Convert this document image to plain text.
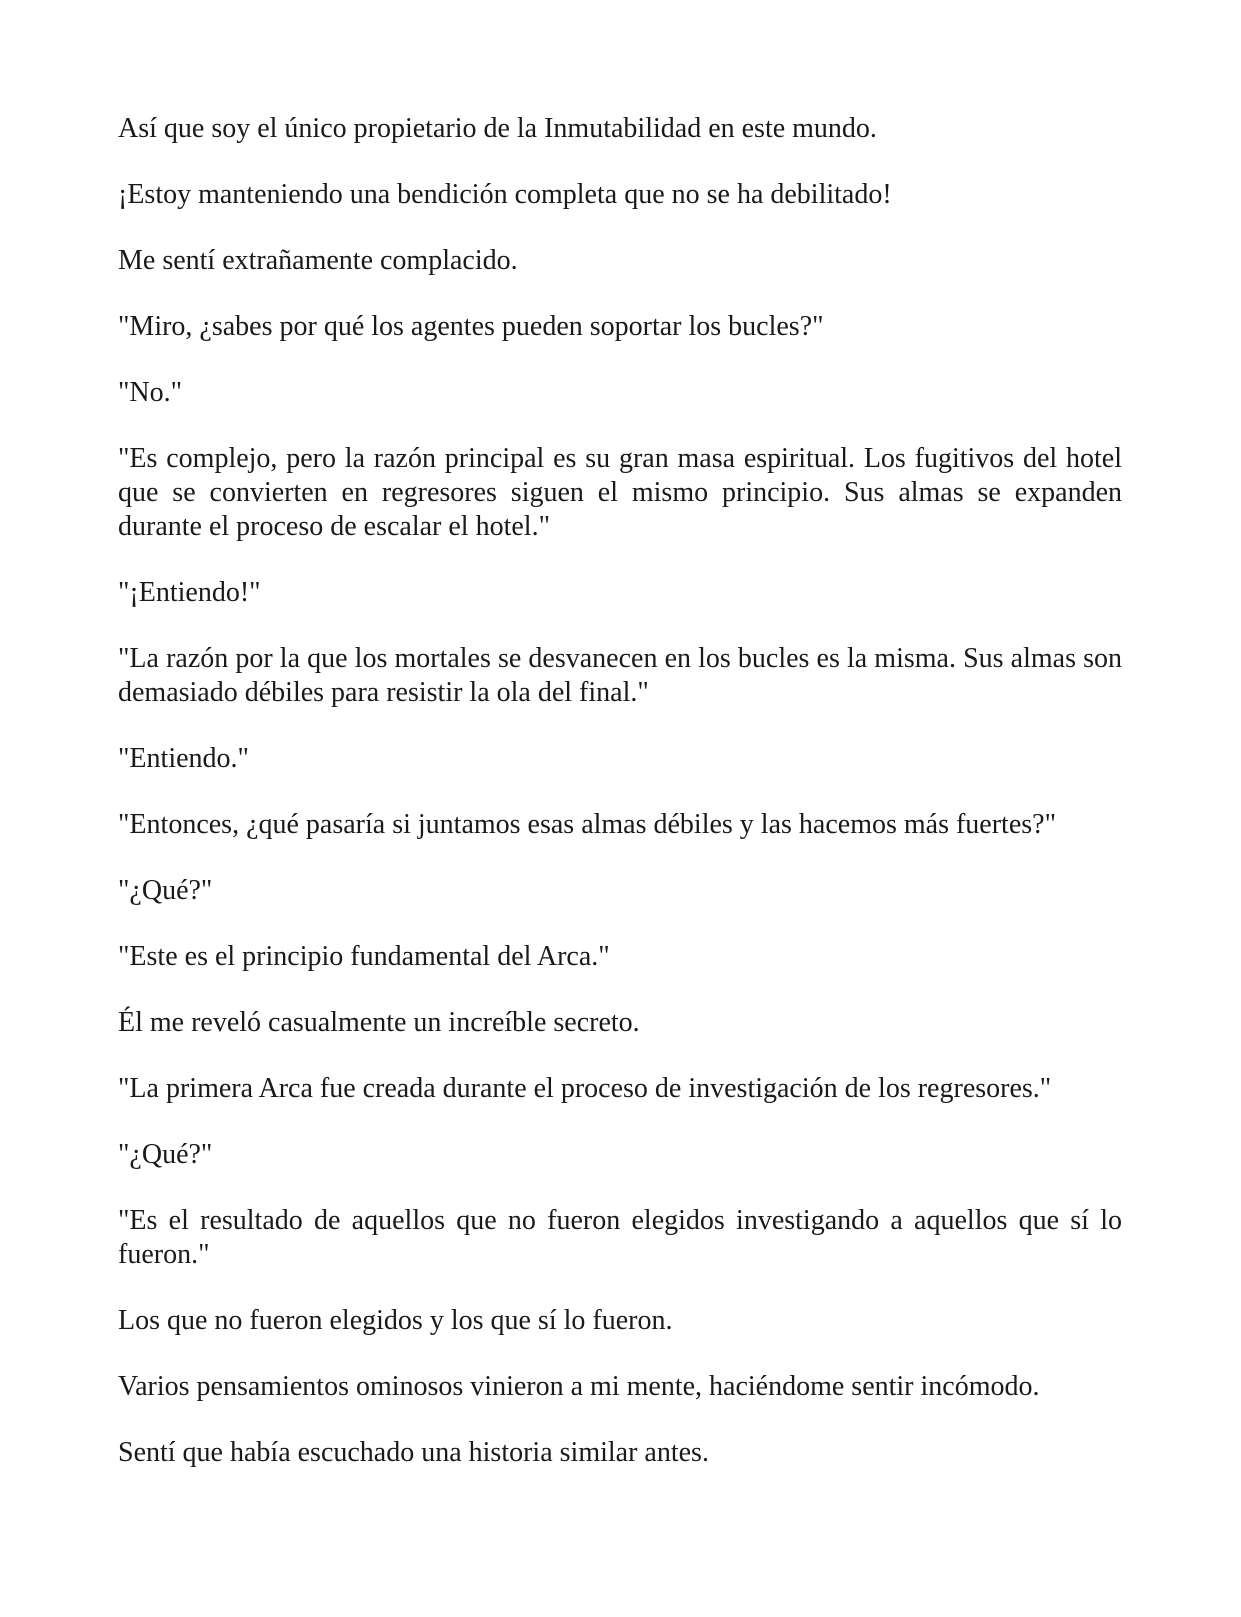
Así que soy el único propietario de la Inmutabilidad en este mundo.

¡Estoy manteniendo una bendición completa que no se ha debilitado!

Me sentí extrañamente complacido.

"Miro, ¿sabes por qué los agentes pueden soportar los bucles?"

"No."

"Es complejo, pero la razón principal es su gran masa espiritual. Los fugitivos del hotel que se convierten en regresores siguen el mismo principio. Sus almas se expanden durante el proceso de escalar el hotel."

"¡Entiendo!"

"La razón por la que los mortales se desvanecen en los bucles es la misma. Sus almas son demasiado débiles para resistir la ola del final."

"Entiendo."

"Entonces, ¿qué pasaría si juntamos esas almas débiles y las hacemos más fuertes?"

"¿Qué?"

"Este es el principio fundamental del Arca."

Él me reveló casualmente un increíble secreto.

"La primera Arca fue creada durante el proceso de investigación de los regresores."

"¿Qué?"

"Es el resultado de aquellos que no fueron elegidos investigando a aquellos que sí lo fueron."

Los que no fueron elegidos y los que sí lo fueron.

Varios pensamientos ominosos vinieron a mi mente, haciéndome sentir incómodo.

Sentí que había escuchado una historia similar antes.
